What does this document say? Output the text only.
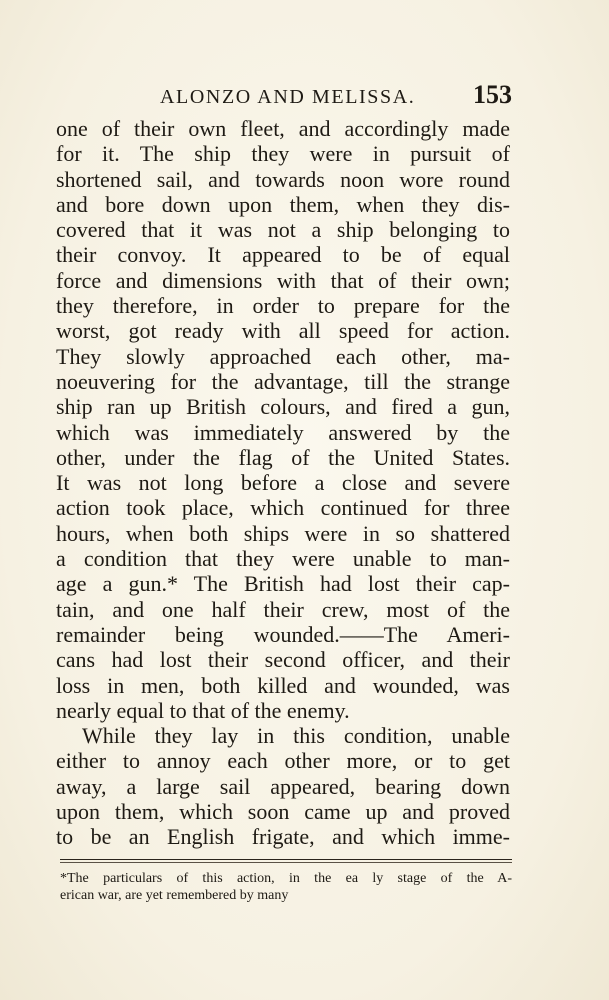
ALONZO AND MELISSA. 153
one of their own fleet, and accordingly made
for it. The ship they were in pursuit of
shortened sail, and towards noon wore round
and bore down upon them, when they dis-
covered that it was not a ship belonging to
their convoy. It appeared to be of equal
force and dimensions with that of their own;
they therefore, in order to prepare for the
worst, got ready with all speed for action.
They slowly approached each other, ma-
noeuvering for the advantage, till the strange
ship ran up British colours, and fired a gun,
which was immediately answered by the
other, under the flag of the United States.
It was not long before a close and severe
action took place, which continued for three
hours, when both ships were in so shattered
a condition that they were unable to man-
age a gun.* The British had lost their cap-
tain, and one half their crew, most of the
remainder being wounded.——The Ameri-
cans had lost their second officer, and their
loss in men, both killed and wounded, was
nearly equal to that of the enemy.
While they lay in this condition, unable
either to annoy each other more, or to get
away, a large sail appeared, bearing down
upon them, which soon came up and proved
to be an English frigate, and which imme-
*The particulars of this action, in the ea ly stage of the A-
erican war, are yet remembered by many
